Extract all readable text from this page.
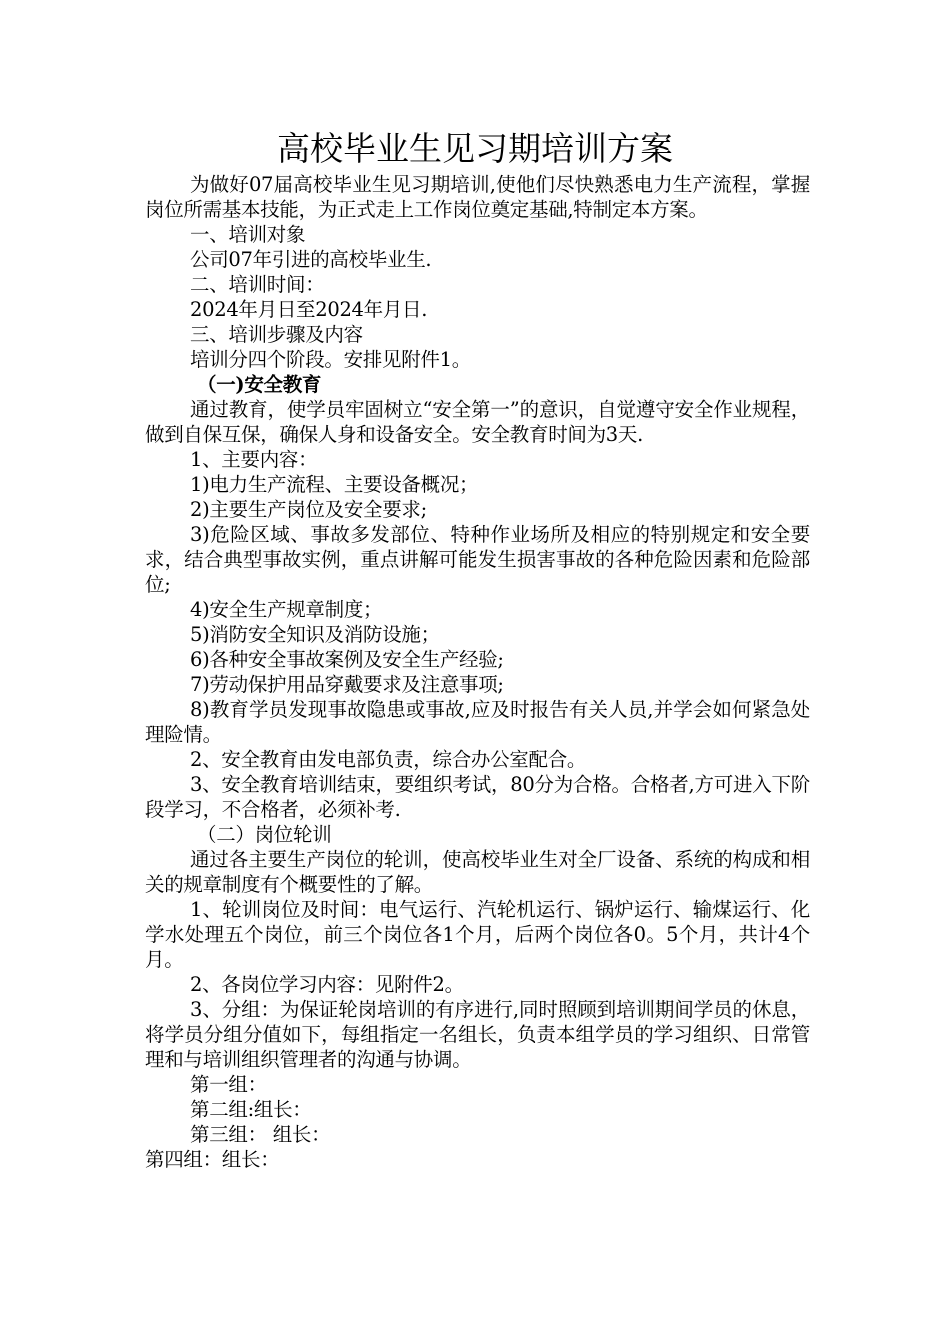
高校毕业生见习期培训方案

为做好07届高校毕业生见习期培训,使他们尽快熟悉电力生产流程，掌握岗位所需基本技能，为正式走上工作岗位奠定基础,特制定本方案。

一、培训对象

公司07年引进的高校毕业生.

二、培训时间：

2024年月日至2024年月日.

三、培训步骤及内容

培训分四个阶段。安排见附件1。

（一)安全教育

通过教育，使学员牢固树立“安全第一”的意识，自觉遵守安全作业规程，做到自保互保，确保人身和设备安全。安全教育时间为3天.

1、主要内容：

1)电力生产流程、主要设备概况；

2)主要生产岗位及安全要求;

3)危险区域、事故多发部位、特种作业场所及相应的特别规定和安全要求，结合典型事故实例，重点讲解可能发生损害事故的各种危险因素和危险部位;

4)安全生产规章制度；

5)消防安全知识及消防设施；

6)各种安全事故案例及安全生产经验;

7)劳动保护用品穿戴要求及注意事项;

8)教育学员发现事故隐患或事故,应及时报告有关人员,并学会如何紧急处理险情。

2、安全教育由发电部负责，综合办公室配合。

3、安全教育培训结束，要组织考试，80分为合格。合格者,方可进入下阶段学习，不合格者，必须补考.

（二）岗位轮训

通过各主要生产岗位的轮训，使高校毕业生对全厂设备、系统的构成和相关的规章制度有个概要性的了解。

1、轮训岗位及时间：电气运行、汽轮机运行、锅炉运行、输煤运行、化学水处理五个岗位，前三个岗位各1个月，后两个岗位各0。5个月，共计4个月。

2、各岗位学习内容：见附件2。

3、分组：为保证轮岗培训的有序进行,同时照顾到培训期间学员的休息，将学员分组分值如下，每组指定一名组长，负责本组学员的学习组织、日常管理和与培训组织管理者的沟通与协调。

第一组：

第二组:组长：

第三组： 组长：

第四组：组长：
